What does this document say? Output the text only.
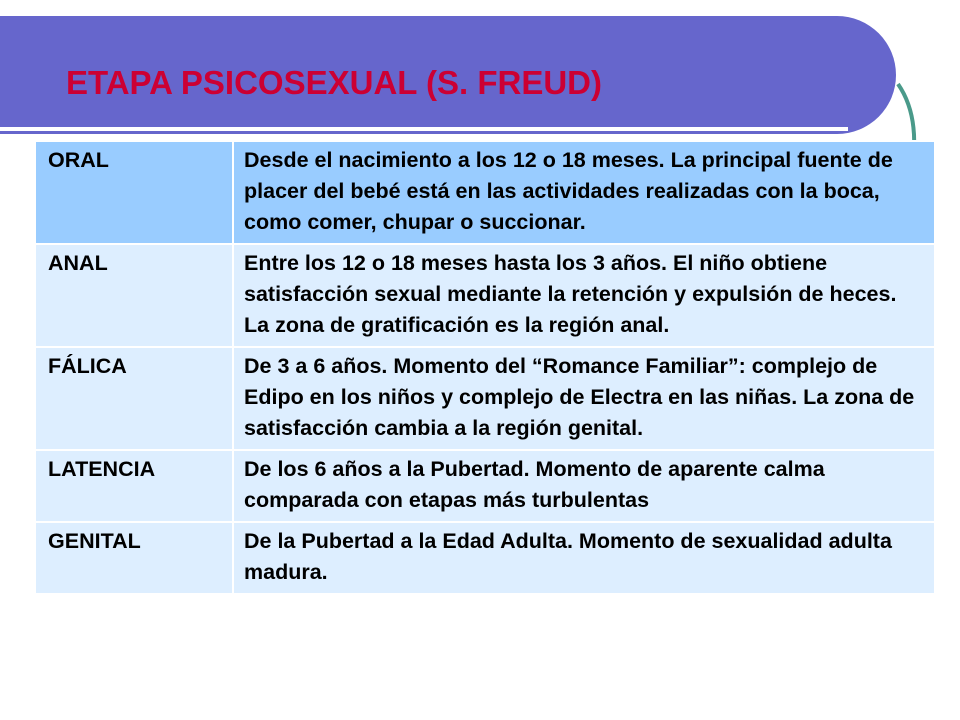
ETAPA PSICOSEXUAL (S. FREUD)
ORAL	Desde el nacimiento a los 12 o 18 meses. La principal fuente de placer del bebé está en las actividades realizadas con la boca, como comer, chupar o succionar.
ANAL	Entre los 12 o 18 meses hasta los 3 años. El niño obtiene satisfacción sexual mediante la retención y expulsión de heces. La zona de gratificación es la región anal.
FÁLICA	De 3 a 6 años. Momento del “Romance Familiar”: complejo de Edipo en los niños y complejo de Electra en las niñas. La zona de satisfacción cambia a la región genital.
LATENCIA	De los 6 años a la Pubertad. Momento de aparente calma comparada con etapas más turbulentas
GENITAL	De la Pubertad a la Edad Adulta. Momento de sexualidad adulta madura.
